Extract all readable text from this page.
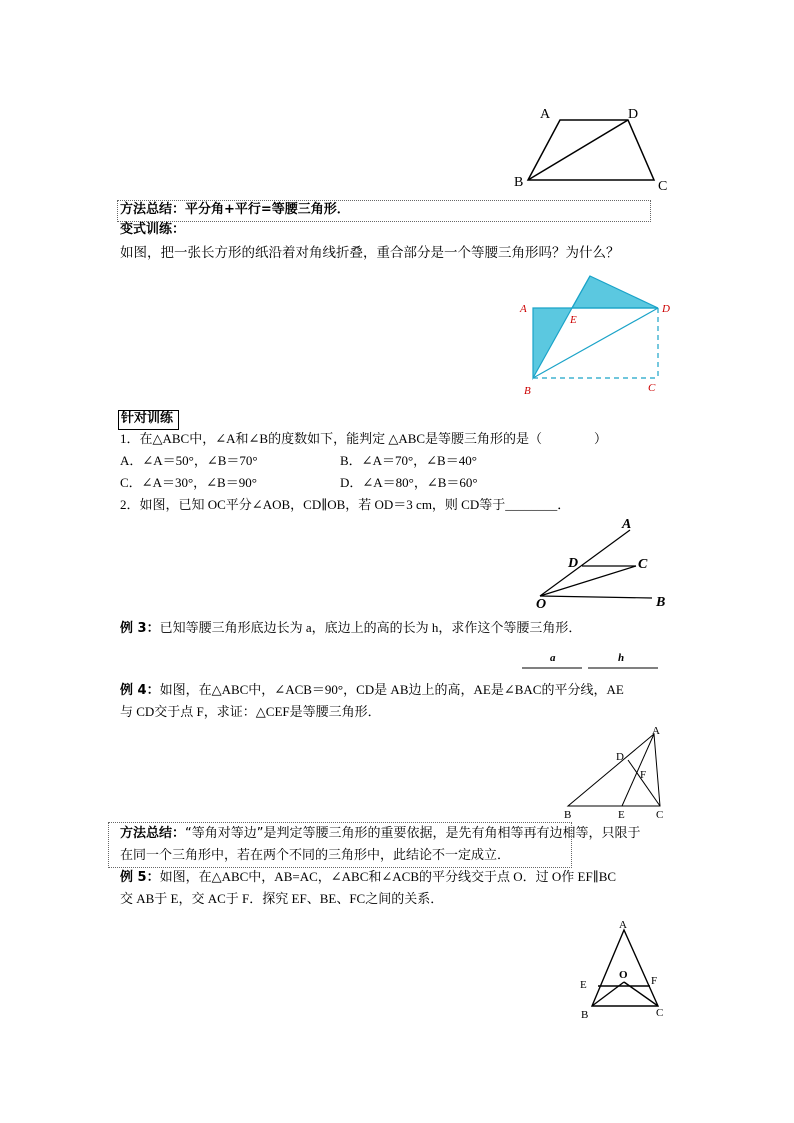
A	D
B	C
A
E
D
B	C
A
D	C
O	B
a	h
A
D
F
B	E	C
A
O
E	F
B	C
方法总结：平分角+平行=等腰三角形．
变式训练：
如图，把一张长方形的纸沿着对角线折叠，重合部分是一个等腰三角形吗？为什么？
针对训练
1．在△ABC中，∠A和∠B的度数如下，能判定 △ABC是等腰三角形的是（　　　　）
A．∠A＝50°，∠B＝70°	B．∠A＝70°，∠B＝40°
C．∠A＝30°，∠B＝90°	D．∠A＝80°，∠B＝60°
2．如图，已知 OC平分∠AOB，CD∥OB，若 OD＝3 cm，则 CD等于________．
例 3：已知等腰三角形底边长为 a，底边上的高的长为 h，求作这个等腰三角形．
例 4：如图，在△ABC中，∠ACB＝90°，CD是 AB边上的高，AE是∠BAC的平分线，AE
与 CD交于点 F，求证：△CEF是等腰三角形．
方法总结：“等角对等边”是判定等腰三角形的重要依据，是先有角相等再有边相等，只限于
在同一个三角形中，若在两个不同的三角形中，此结论不一定成立．
例 5：如图，在△ABC中，AB=AC，∠ABC和∠ACB的平分线交于点 O．过 O作 EF∥BC
交 AB于 E，交 AC于 F．探究 EF、BE、FC之间的关系．
